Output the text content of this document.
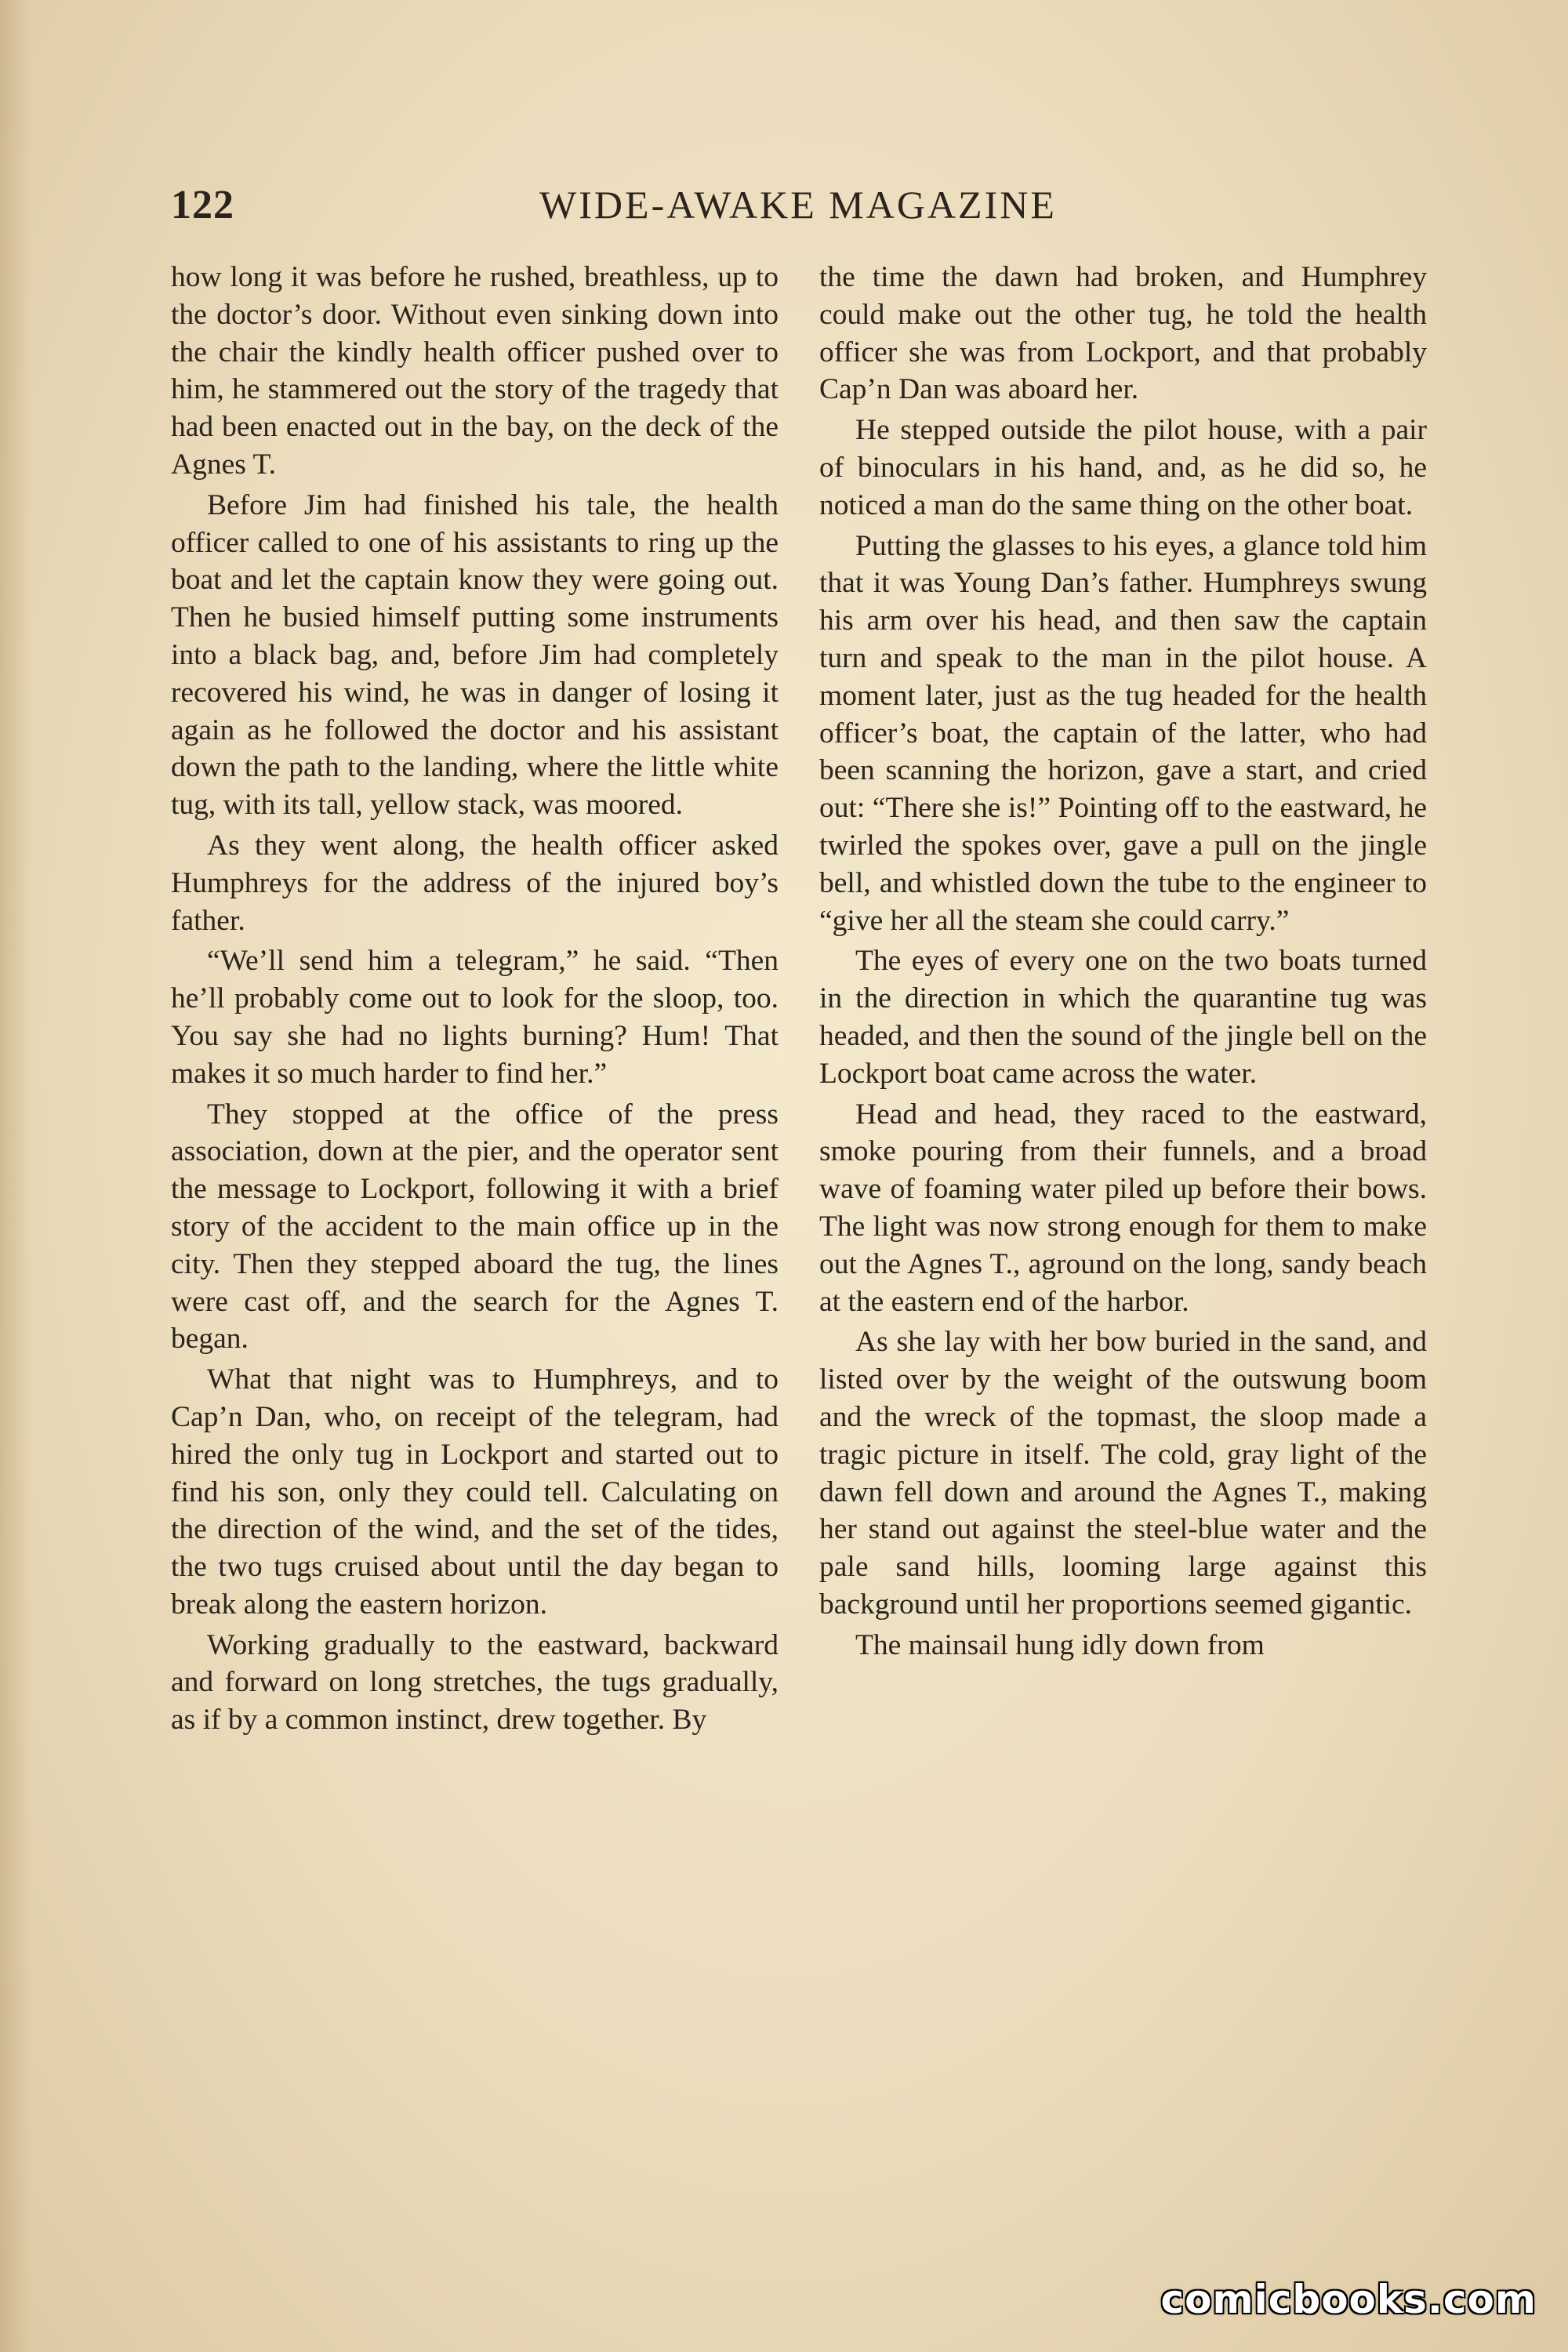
122	WIDE-AWAKE MAGAZINE

how long it was before he rushed, breathless, up to the doctor’s door. Without even sinking down into the chair the kindly health officer pushed over to him, he stammered out the story of the tragedy that had been enacted out in the bay, on the deck of the Agnes T.

Before Jim had finished his tale, the health officer called to one of his assistants to ring up the boat and let the captain know they were going out. Then he busied himself putting some instruments into a black bag, and, before Jim had completely recovered his wind, he was in danger of losing it again as he followed the doctor and his assistant down the path to the landing, where the little white tug, with its tall, yellow stack, was moored.

As they went along, the health officer asked Humphreys for the address of the injured boy’s father.

“We’ll send him a telegram,” he said. “Then he’ll probably come out to look for the sloop, too. You say she had no lights burning? Hum! That makes it so much harder to find her.”

They stopped at the office of the press association, down at the pier, and the operator sent the message to Lockport, following it with a brief story of the accident to the main office up in the city. Then they stepped aboard the tug, the lines were cast off, and the search for the Agnes T. began.

What that night was to Humphreys, and to Cap’n Dan, who, on receipt of the telegram, had hired the only tug in Lockport and started out to find his son, only they could tell. Calculating on the direction of the wind, and the set of the tides, the two tugs cruised about until the day began to break along the eastern horizon.

Working gradually to the eastward, backward and forward on long stretches, the tugs gradually, as if by a common instinct, drew together. By

the time the dawn had broken, and Humphrey could make out the other tug, he told the health officer she was from Lockport, and that probably Cap’n Dan was aboard her.

He stepped outside the pilot house, with a pair of binoculars in his hand, and, as he did so, he noticed a man do the same thing on the other boat.

Putting the glasses to his eyes, a glance told him that it was Young Dan’s father. Humphreys swung his arm over his head, and then saw the captain turn and speak to the man in the pilot house. A moment later, just as the tug headed for the health officer’s boat, the captain of the latter, who had been scanning the horizon, gave a start, and cried out: “There she is!” Pointing off to the eastward, he twirled the spokes over, gave a pull on the jingle bell, and whistled down the tube to the engineer to “give her all the steam she could carry.”

The eyes of every one on the two boats turned in the direction in which the quarantine tug was headed, and then the sound of the jingle bell on the Lockport boat came across the water.

Head and head, they raced to the eastward, smoke pouring from their funnels, and a broad wave of foaming water piled up before their bows. The light was now strong enough for them to make out the Agnes T., aground on the long, sandy beach at the eastern end of the harbor.

As she lay with her bow buried in the sand, and listed over by the weight of the outswung boom and the wreck of the topmast, the sloop made a tragic picture in itself. The cold, gray light of the dawn fell down and around the Agnes T., making her stand out against the steel-blue water and the pale sand hills, looming large against this background until her proportions seemed gigantic.

The mainsail hung idly down from

comicbooks.com
